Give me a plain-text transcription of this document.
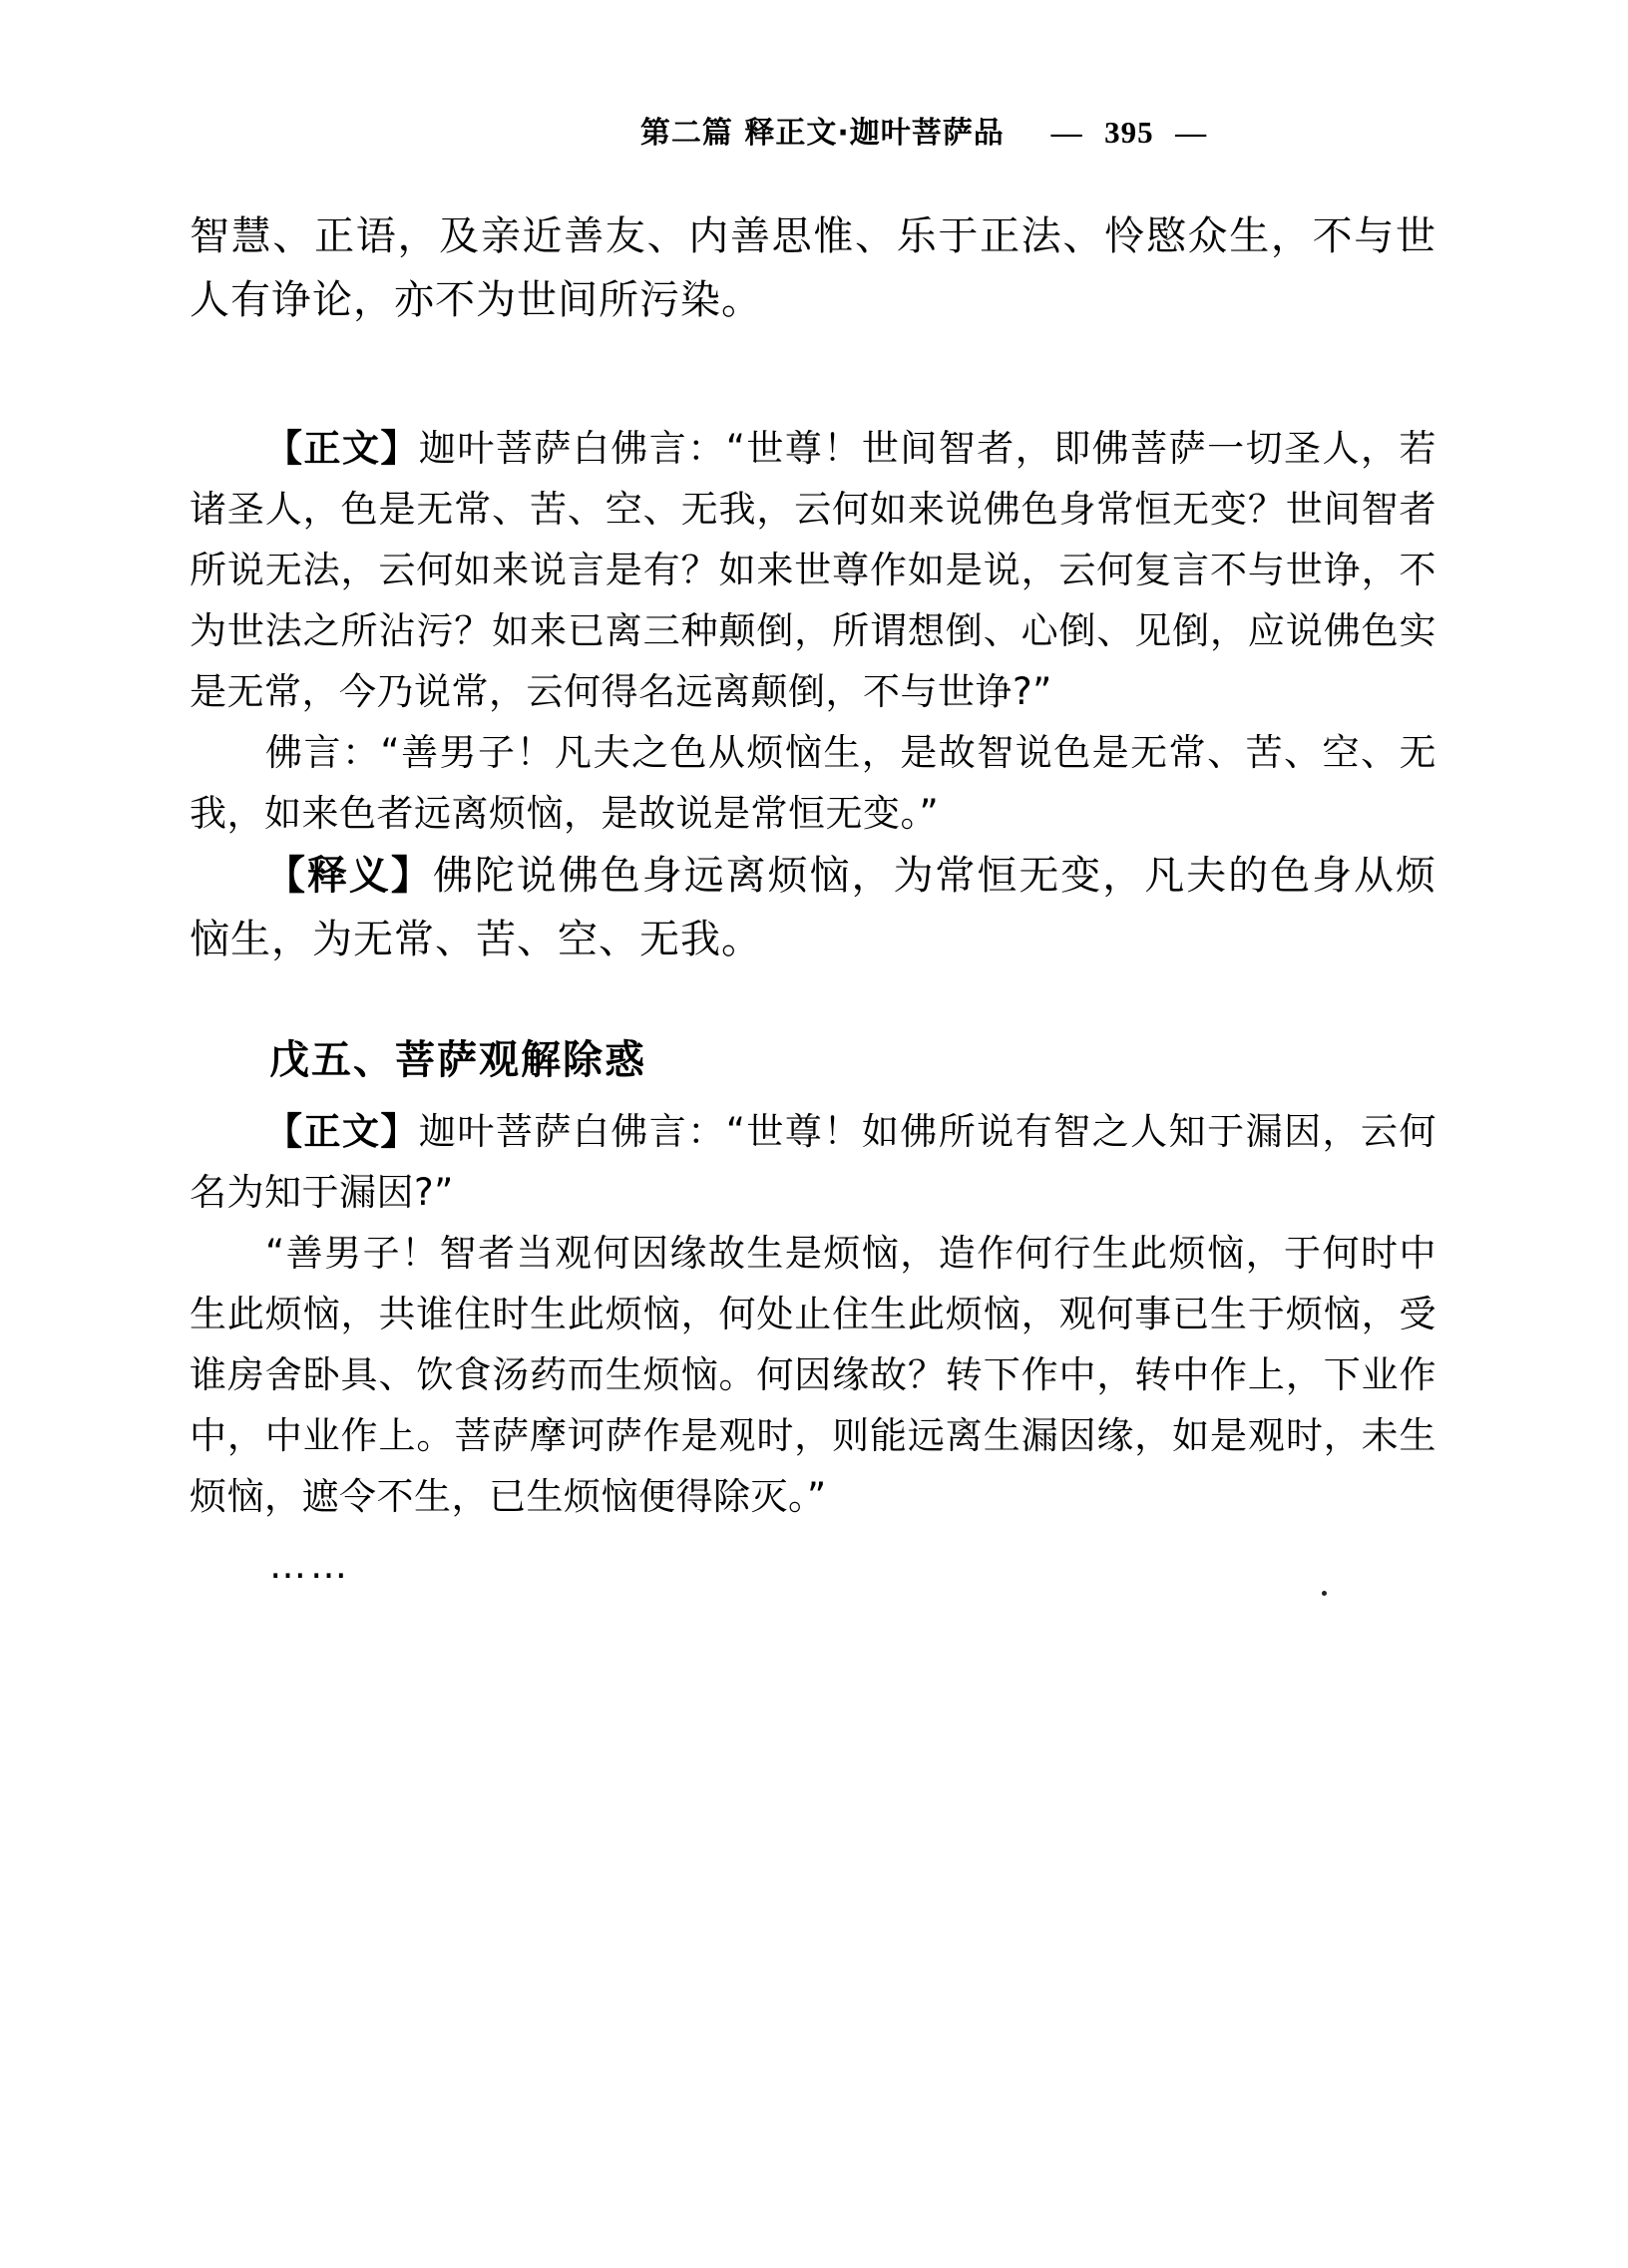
第二篇 释正文·迦叶菩萨品 — 395 —

智慧、正语，及亲近善友、内善思惟、乐于正法、怜愍众生，不与世人有诤论，亦不为世间所污染。

【正文】迦叶菩萨白佛言：“世尊！世间智者，即佛菩萨一切圣人，若诸圣人，色是无常、苦、空、无我，云何如来说佛色身常恒无变？世间智者所说无法，云何如来说言是有？如来世尊作如是说，云何复言不与世诤，不为世法之所沾污？如来已离三种颠倒，所谓想倒、心倒、见倒，应说佛色实是无常，今乃说常，云何得名远离颠倒，不与世诤?”

佛言：“善男子！凡夫之色从烦恼生，是故智说色是无常、苦、空、无我，如来色者远离烦恼，是故说是常恒无变。”

【释义】佛陀说佛色身远离烦恼，为常恒无变，凡夫的色身从烦恼生，为无常、苦、空、无我。

戊五、菩萨观解除惑

【正文】迦叶菩萨白佛言：“世尊！如佛所说有智之人知于漏因，云何名为知于漏因?”

“善男子！智者当观何因缘故生是烦恼，造作何行生此烦恼，于何时中生此烦恼，共谁住时生此烦恼，何处止住生此烦恼，观何事已生于烦恼，受谁房舍卧具、饮食汤药而生烦恼。何因缘故？转下作中，转中作上，下业作中，中业作上。菩萨摩诃萨作是观时，则能远离生漏因缘，如是观时，未生烦恼，遮令不生，已生烦恼便得除灭。”

……
